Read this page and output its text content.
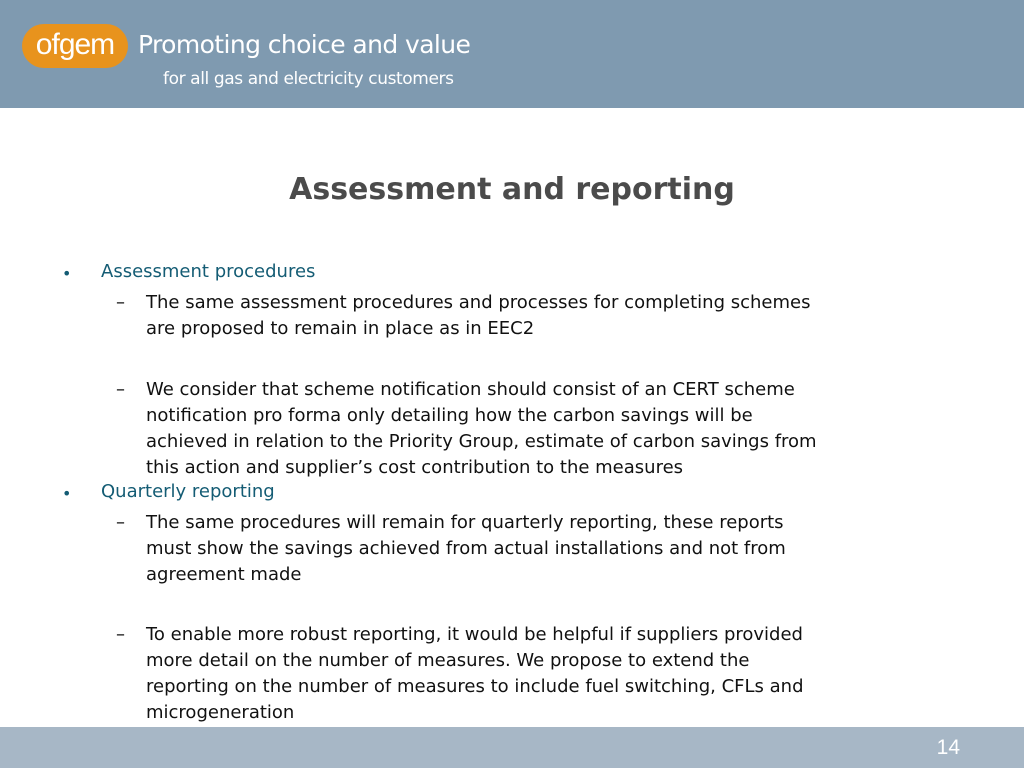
ofgem Promoting choice and value
for all gas and electricity customers
Assessment and reporting
• Assessment procedures
– The same assessment procedures and processes for completing schemes
are proposed to remain in place as in EEC2
– We consider that scheme notification should consist of an CERT scheme
notification pro forma only detailing how the carbon savings will be
achieved in relation to the Priority Group, estimate of carbon savings from
this action and supplier’s cost contribution to the measures
• Quarterly reporting
– The same procedures will remain for quarterly reporting, these reports
must show the savings achieved from actual installations and not from
agreement made
– To enable more robust reporting, it would be helpful if suppliers provided
more detail on the number of measures. We propose to extend the
reporting on the number of measures to include fuel switching, CFLs and
microgeneration
14
